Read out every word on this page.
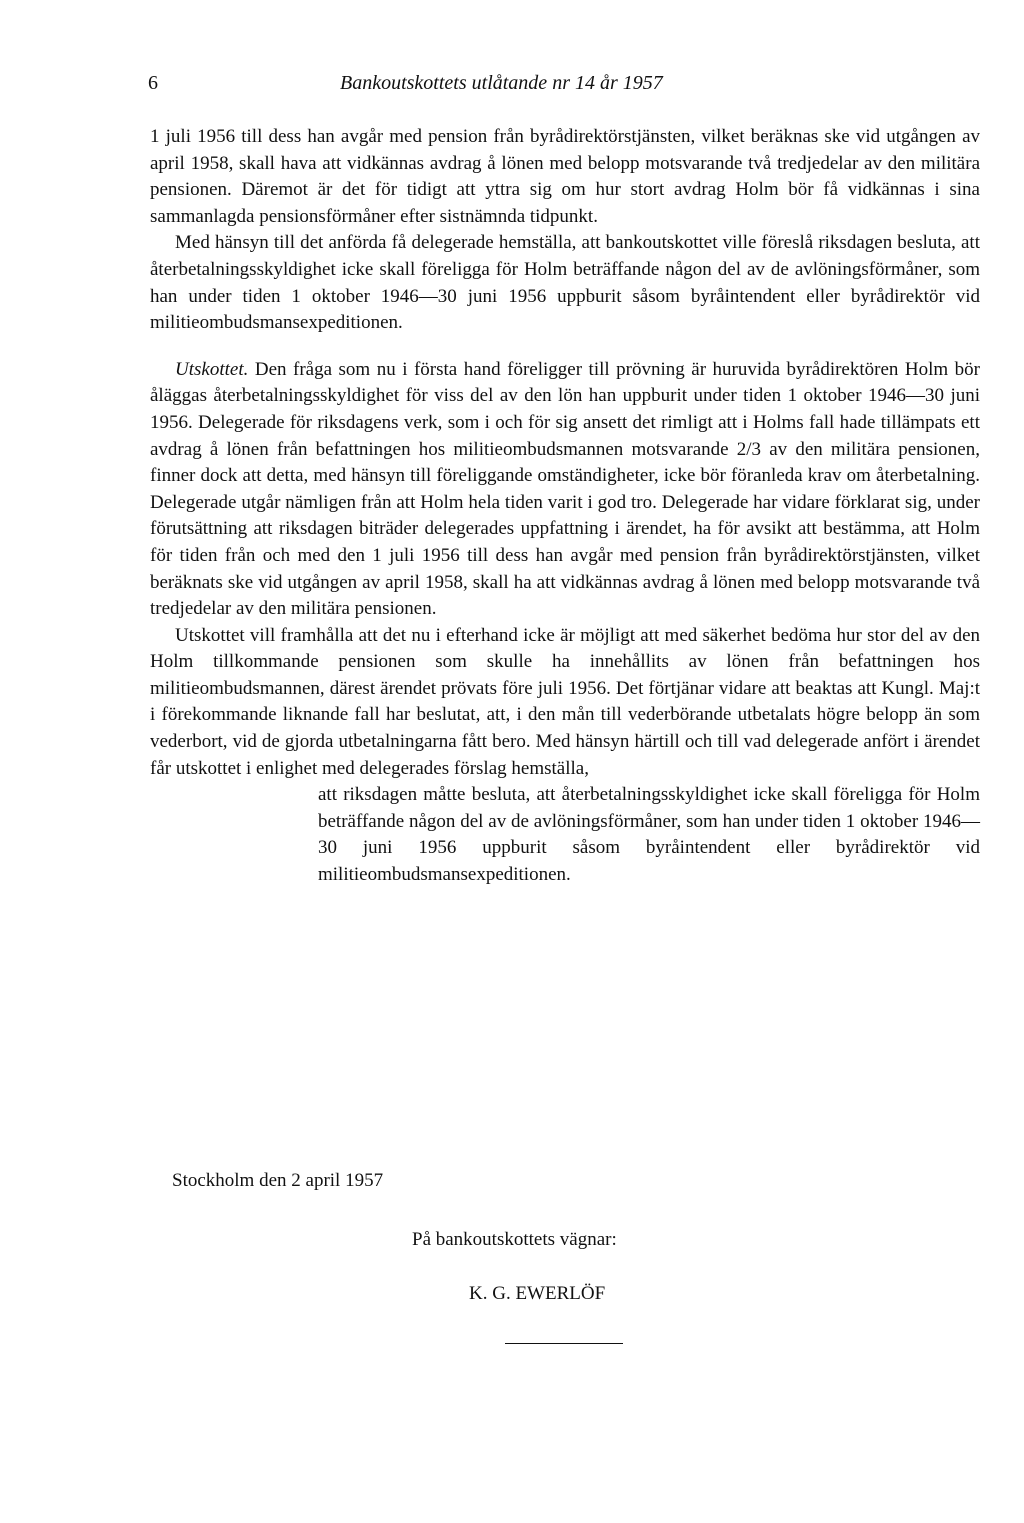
6	Bankoutskottets utlåtande nr 14 år 1957

1 juli 1956 till dess han avgår med pension från byrådirektörstjänsten, vilket beräknas ske vid utgången av april 1958, skall hava att vidkännas avdrag å lönen med belopp motsvarande två tredjedelar av den militära pensionen. Däremot är det för tidigt att yttra sig om hur stort avdrag Holm bör få vidkännas i sina sammanlagda pensionsförmåner efter sistnämnda tidpunkt.

Med hänsyn till det anförda få delegerade hemställa, att bankoutskottet ville föreslå riksdagen besluta, att återbetalningsskyldighet icke skall föreligga för Holm beträffande någon del av de avlöningsförmåner, som han under tiden 1 oktober 1946—30 juni 1956 uppburit såsom byråintendent eller byrådirektör vid militieombudsmansexpeditionen.

Utskottet. Den fråga som nu i första hand föreligger till prövning är huruvida byrådirektören Holm bör åläggas återbetalningsskyldighet för viss del av den lön han uppburit under tiden 1 oktober 1946—30 juni 1956. Delegerade för riksdagens verk, som i och för sig ansett det rimligt att i Holms fall hade tillämpats ett avdrag å lönen från befattningen hos militieombudsmannen motsvarande 2/3 av den militära pensionen, finner dock att detta, med hänsyn till föreliggande omständigheter, icke bör föranleda krav om återbetalning. Delegerade utgår nämligen från att Holm hela tiden varit i god tro. Delegerade har vidare förklarat sig, under förutsättning att riksdagen biträder delegerades uppfattning i ärendet, ha för avsikt att bestämma, att Holm för tiden från och med den 1 juli 1956 till dess han avgår med pension från byrådirektörstjänsten, vilket beräknats ske vid utgången av april 1958, skall ha att vidkännas avdrag å lönen med belopp motsvarande två tredjedelar av den militära pensionen.

Utskottet vill framhålla att det nu i efterhand icke är möjligt att med säkerhet bedöma hur stor del av den Holm tillkommande pensionen som skulle ha innehållits av lönen från befattningen hos militieombudsmannen, därest ärendet prövats före juli 1956. Det förtjänar vidare att beaktas att Kungl. Maj:t i förekommande liknande fall har beslutat, att, i den mån till vederbörande utbetalats högre belopp än som vederbort, vid de gjorda utbetalningarna fått bero. Med hänsyn härtill och till vad delegerade anfört i ärendet får utskottet i enlighet med delegerades förslag hemställa,

att riksdagen måtte besluta, att återbetalningsskyldighet icke skall föreligga för Holm beträffande någon del av de avlöningsförmåner, som han under tiden 1 oktober 1946—30 juni 1956 uppburit såsom byråintendent eller byrådirektör vid militieombudsmansexpeditionen.

Stockholm den 2 april 1957
På bankoutskottets vägnar:
K. G. EWERLÖF
